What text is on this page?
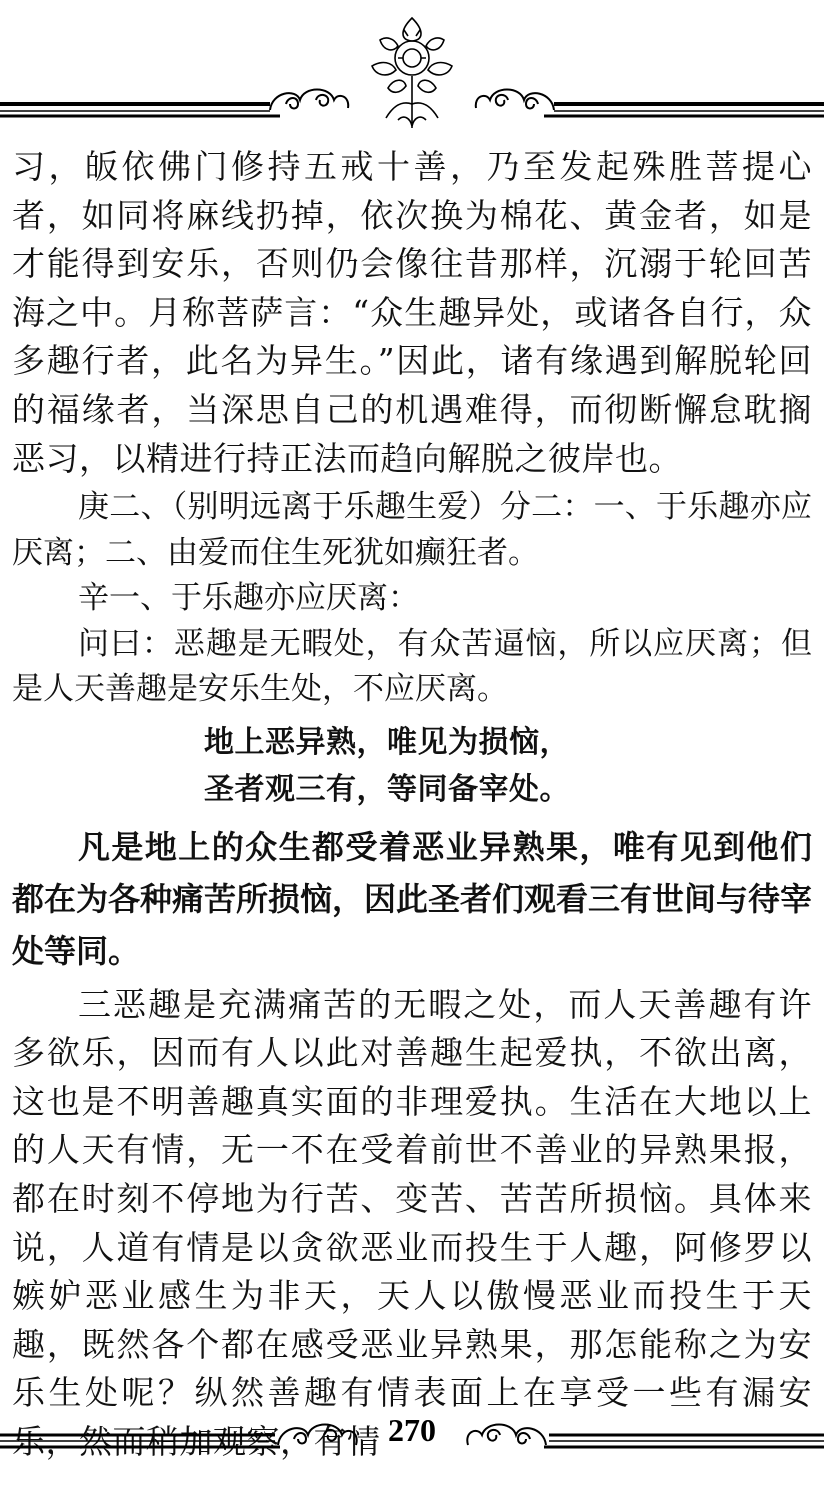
习，皈依佛门修持五戒十善，乃至发起殊胜菩提心者，如同将麻线扔掉，依次换为棉花、黄金者，如是才能得到安乐，否则仍会像往昔那样，沉溺于轮回苦海之中。月称菩萨言：“众生趣异处，或诸各自行，众多趣行者，此名为异生。”因此，诸有缘遇到解脱轮回的福缘者，当深思自己的机遇难得，而彻断懈怠耽搁恶习，以精进行持正法而趋向解脱之彼岸也。

庚二、（别明远离于乐趣生爱）分二：一、于乐趣亦应厌离；二、由爱而住生死犹如癫狂者。

辛一、于乐趣亦应厌离：

问曰：恶趣是无暇处，有众苦逼恼，所以应厌离；但是人天善趣是安乐生处，不应厌离。

地上恶异熟，唯见为损恼，

圣者观三有，等同备宰处。

凡是地上的众生都受着恶业异熟果，唯有见到他们都在为各种痛苦所损恼，因此圣者们观看三有世间与待宰处等同。

三恶趣是充满痛苦的无暇之处，而人天善趣有许多欲乐，因而有人以此对善趣生起爱执，不欲出离，这也是不明善趣真实面的非理爱执。生活在大地以上的人天有情，无一不在受着前世不善业的异熟果报，都在时刻不停地为行苦、变苦、苦苦所损恼。具体来说，人道有情是以贪欲恶业而投生于人趣，阿修罗以嫉妒恶业感生为非天，天人以傲慢恶业而投生于天趣，既然各个都在感受恶业异熟果，那怎能称之为安乐生处呢？纵然善趣有情表面上在享受一些有漏安乐，然而稍加观察，有情 270
